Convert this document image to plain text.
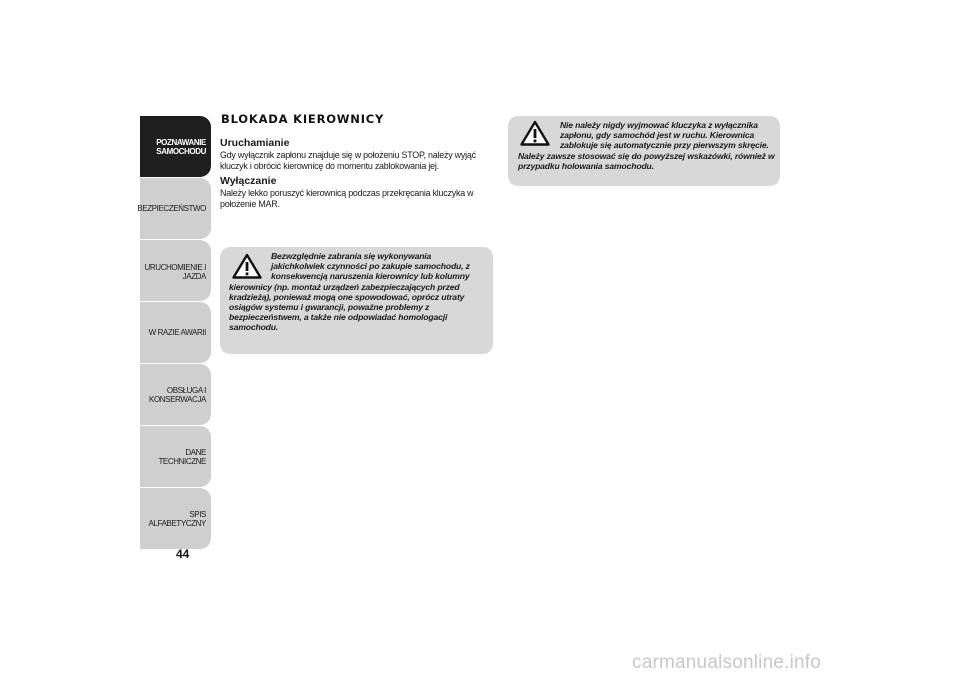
POZNAWANIE
SAMOCHODU
BEZPIECZEŃSTWO
URUCHOMIENIE I
JAZDA
W RAZIE AWARII
OBSŁUGA I
KONSERWACJA
DANE TECHNICZNE
SPIS ALFABETYCZNY
44
BLOKADA KIEROWNICY

Uruchamianie

Gdy wyłącznik zapłonu znajduje się w położeniu STOP, należy wyjąć kluczyk i obrócić kierownicę do momentu zablokowania jej.

Wyłączanie

Należy lekko poruszyć kierownicą podczas przekręcania kluczyka w położenie MAR.

Bezwzględnie zabrania się wykonywania jakichkolwiek czynności po zakupie samochodu, z konsekwencją naruszenia kierownicy lub kolumny
kierownicy (np. montaż urządzeń zabezpieczających przed kradzieżą), ponieważ mogą one spowodować, oprócz utraty osiągów systemu i gwarancji, poważne problemy z bezpieczeństwem, a także nie odpowiadać homologacji samochodu.
Nie należy nigdy wyjmować kluczyka z wyłącznika zapłonu, gdy samochód jest w ruchu. Kierownica zablokuje się automatycznie przy pierwszym skręcie.
Należy zawsze stosować się do powyższej wskazówki, również w przypadku holowania samochodu.
carmanualsonline.info
